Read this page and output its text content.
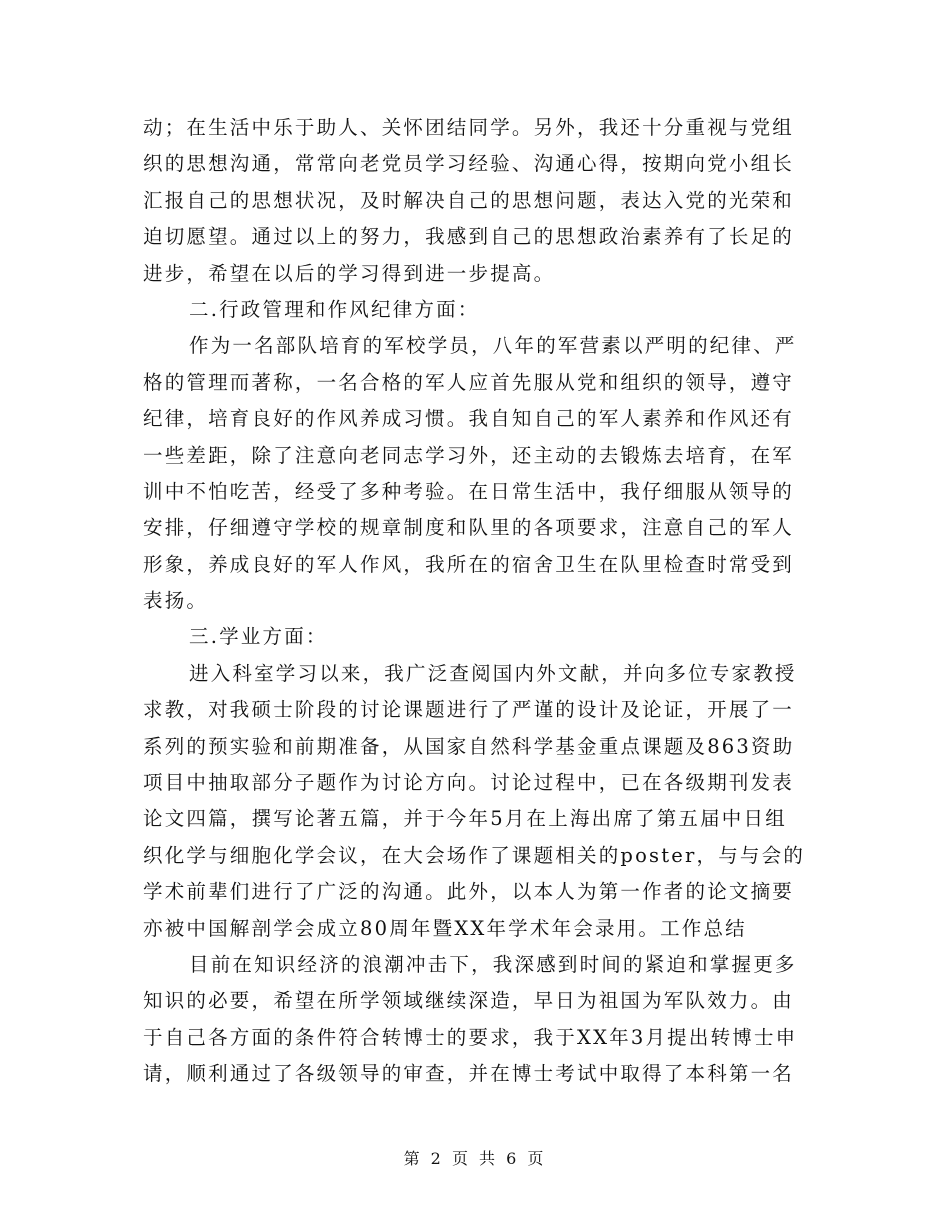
动；在生活中乐于助人、关怀团结同学。另外，我还十分重视与党组
织的思想沟通，常常向老党员学习经验、沟通心得，按期向党小组长
汇报自己的思想状况，及时解决自己的思想问题，表达入党的光荣和
迫切愿望。通过以上的努力，我感到自己的思想政治素养有了长足的
进步，希望在以后的学习得到进一步提高。
二.行政管理和作风纪律方面：
作为一名部队培育的军校学员，八年的军营素以严明的纪律、严
格的管理而著称，一名合格的军人应首先服从党和组织的领导，遵守
纪律，培育良好的作风养成习惯。我自知自己的军人素养和作风还有
一些差距，除了注意向老同志学习外，还主动的去锻炼去培育，在军
训中不怕吃苦，经受了多种考验。在日常生活中，我仔细服从领导的
安排，仔细遵守学校的规章制度和队里的各项要求，注意自己的军人
形象，养成良好的军人作风，我所在的宿舍卫生在队里检查时常受到
表扬。
三.学业方面：
进入科室学习以来，我广泛查阅国内外文献，并向多位专家教授
求教，对我硕士阶段的讨论课题进行了严谨的设计及论证，开展了一
系列的预实验和前期准备，从国家自然科学基金重点课题及863资助
项目中抽取部分子题作为讨论方向。讨论过程中，已在各级期刊发表
论文四篇，撰写论著五篇，并于今年5月在上海出席了第五届中日组
织化学与细胞化学会议，在大会场作了课题相关的poster，与与会的
学术前辈们进行了广泛的沟通。此外，以本人为第一作者的论文摘要
亦被中国解剖学会成立80周年暨XX年学术年会录用。工作总结
目前在知识经济的浪潮冲击下，我深感到时间的紧迫和掌握更多
知识的必要，希望在所学领域继续深造，早日为祖国为军队效力。由
于自己各方面的条件符合转博士的要求，我于XX年3月提出转博士申
请，顺利通过了各级领导的审查，并在博士考试中取得了本科第一名
第 2 页 共 6 页
